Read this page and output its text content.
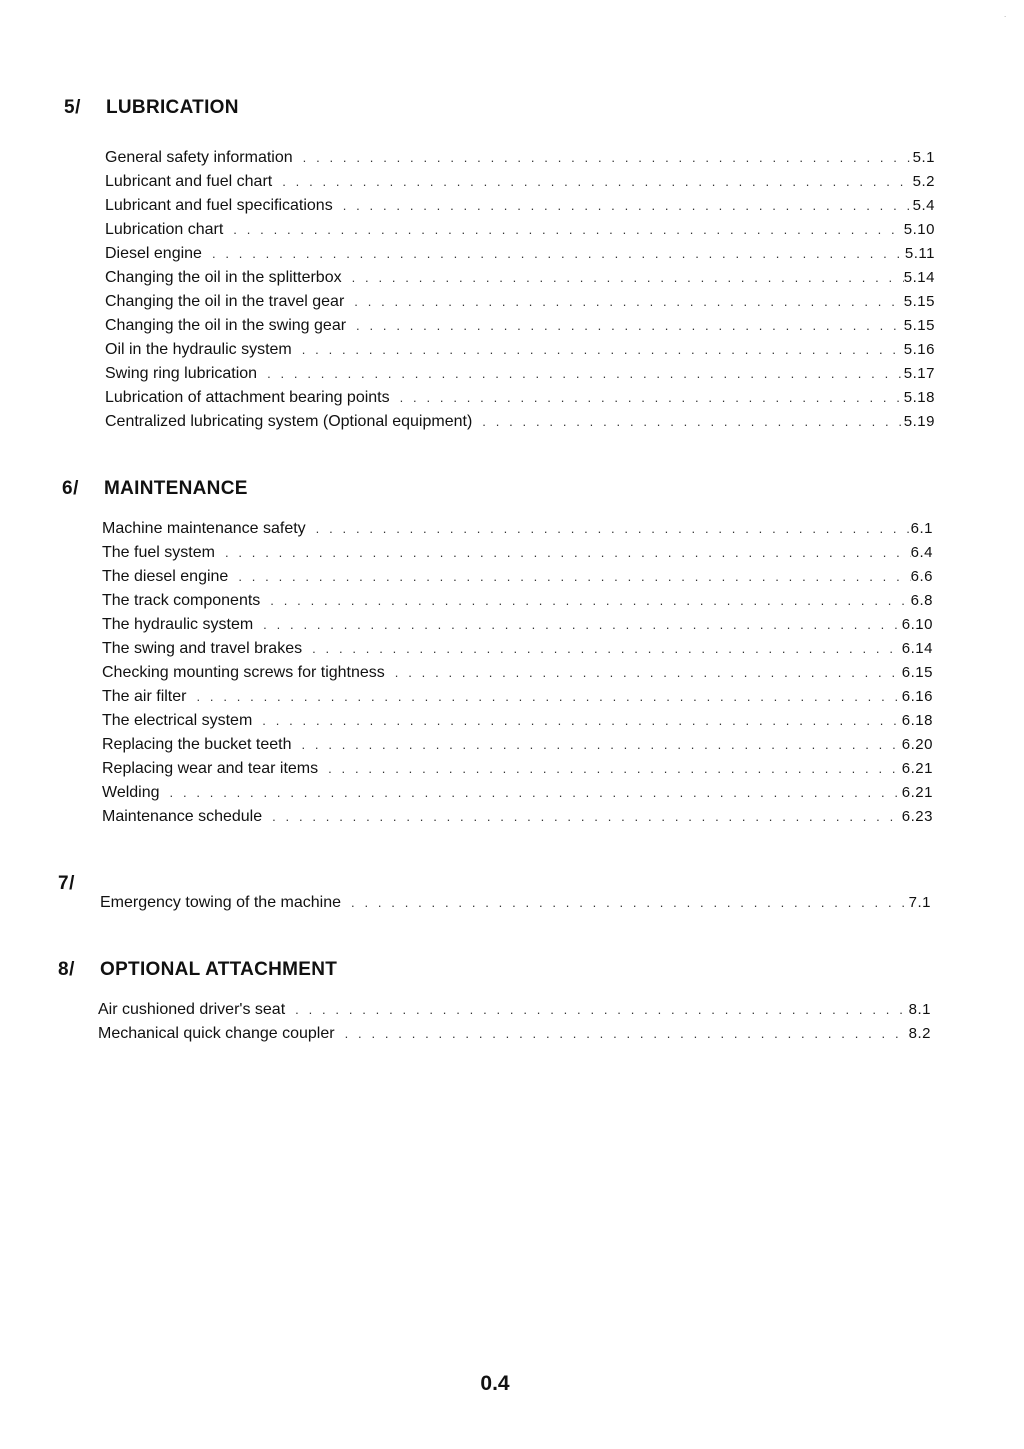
5/ LUBRICATION
General safety information . . .	5.1
Lubricant and fuel chart . . .	5.2
Lubricant and fuel specifications . . .	5.4
Lubrication chart . . .	5.10
Diesel engine . . .	5.11
Changing the oil in the splitterbox . . .	5.14
Changing the oil in the travel gear . . .	5.15
Changing the oil in the swing gear . . .	5.15
Oil in the hydraulic system . . .	5.16
Swing ring lubrication . . .	5.17
Lubrication of attachment bearing points . . .	5.18
Centralized lubricating system (Optional equipment) . . .	5.19
6/ MAINTENANCE
Machine maintenance safety . . .	6.1
The fuel system . . .	6.4
The diesel engine . . .	6.6
The track components . . .	6.8
The hydraulic system . . .	6.10
The swing and travel brakes . . .	6.14
Checking mounting screws for tightness . . .	6.15
The air filter . . .	6.16
The electrical system . . .	6.18
Replacing the bucket teeth . . .	6.20
Replacing wear and tear items . . .	6.21
Welding . . .	6.21
Maintenance schedule . . .	6.23
7/
Emergency towing of the machine . . .	7.1
8/ OPTIONAL ATTACHMENT
Air cushioned driver's seat . . .	8.1
Mechanical quick change coupler . . .	8.2
0.4
.
